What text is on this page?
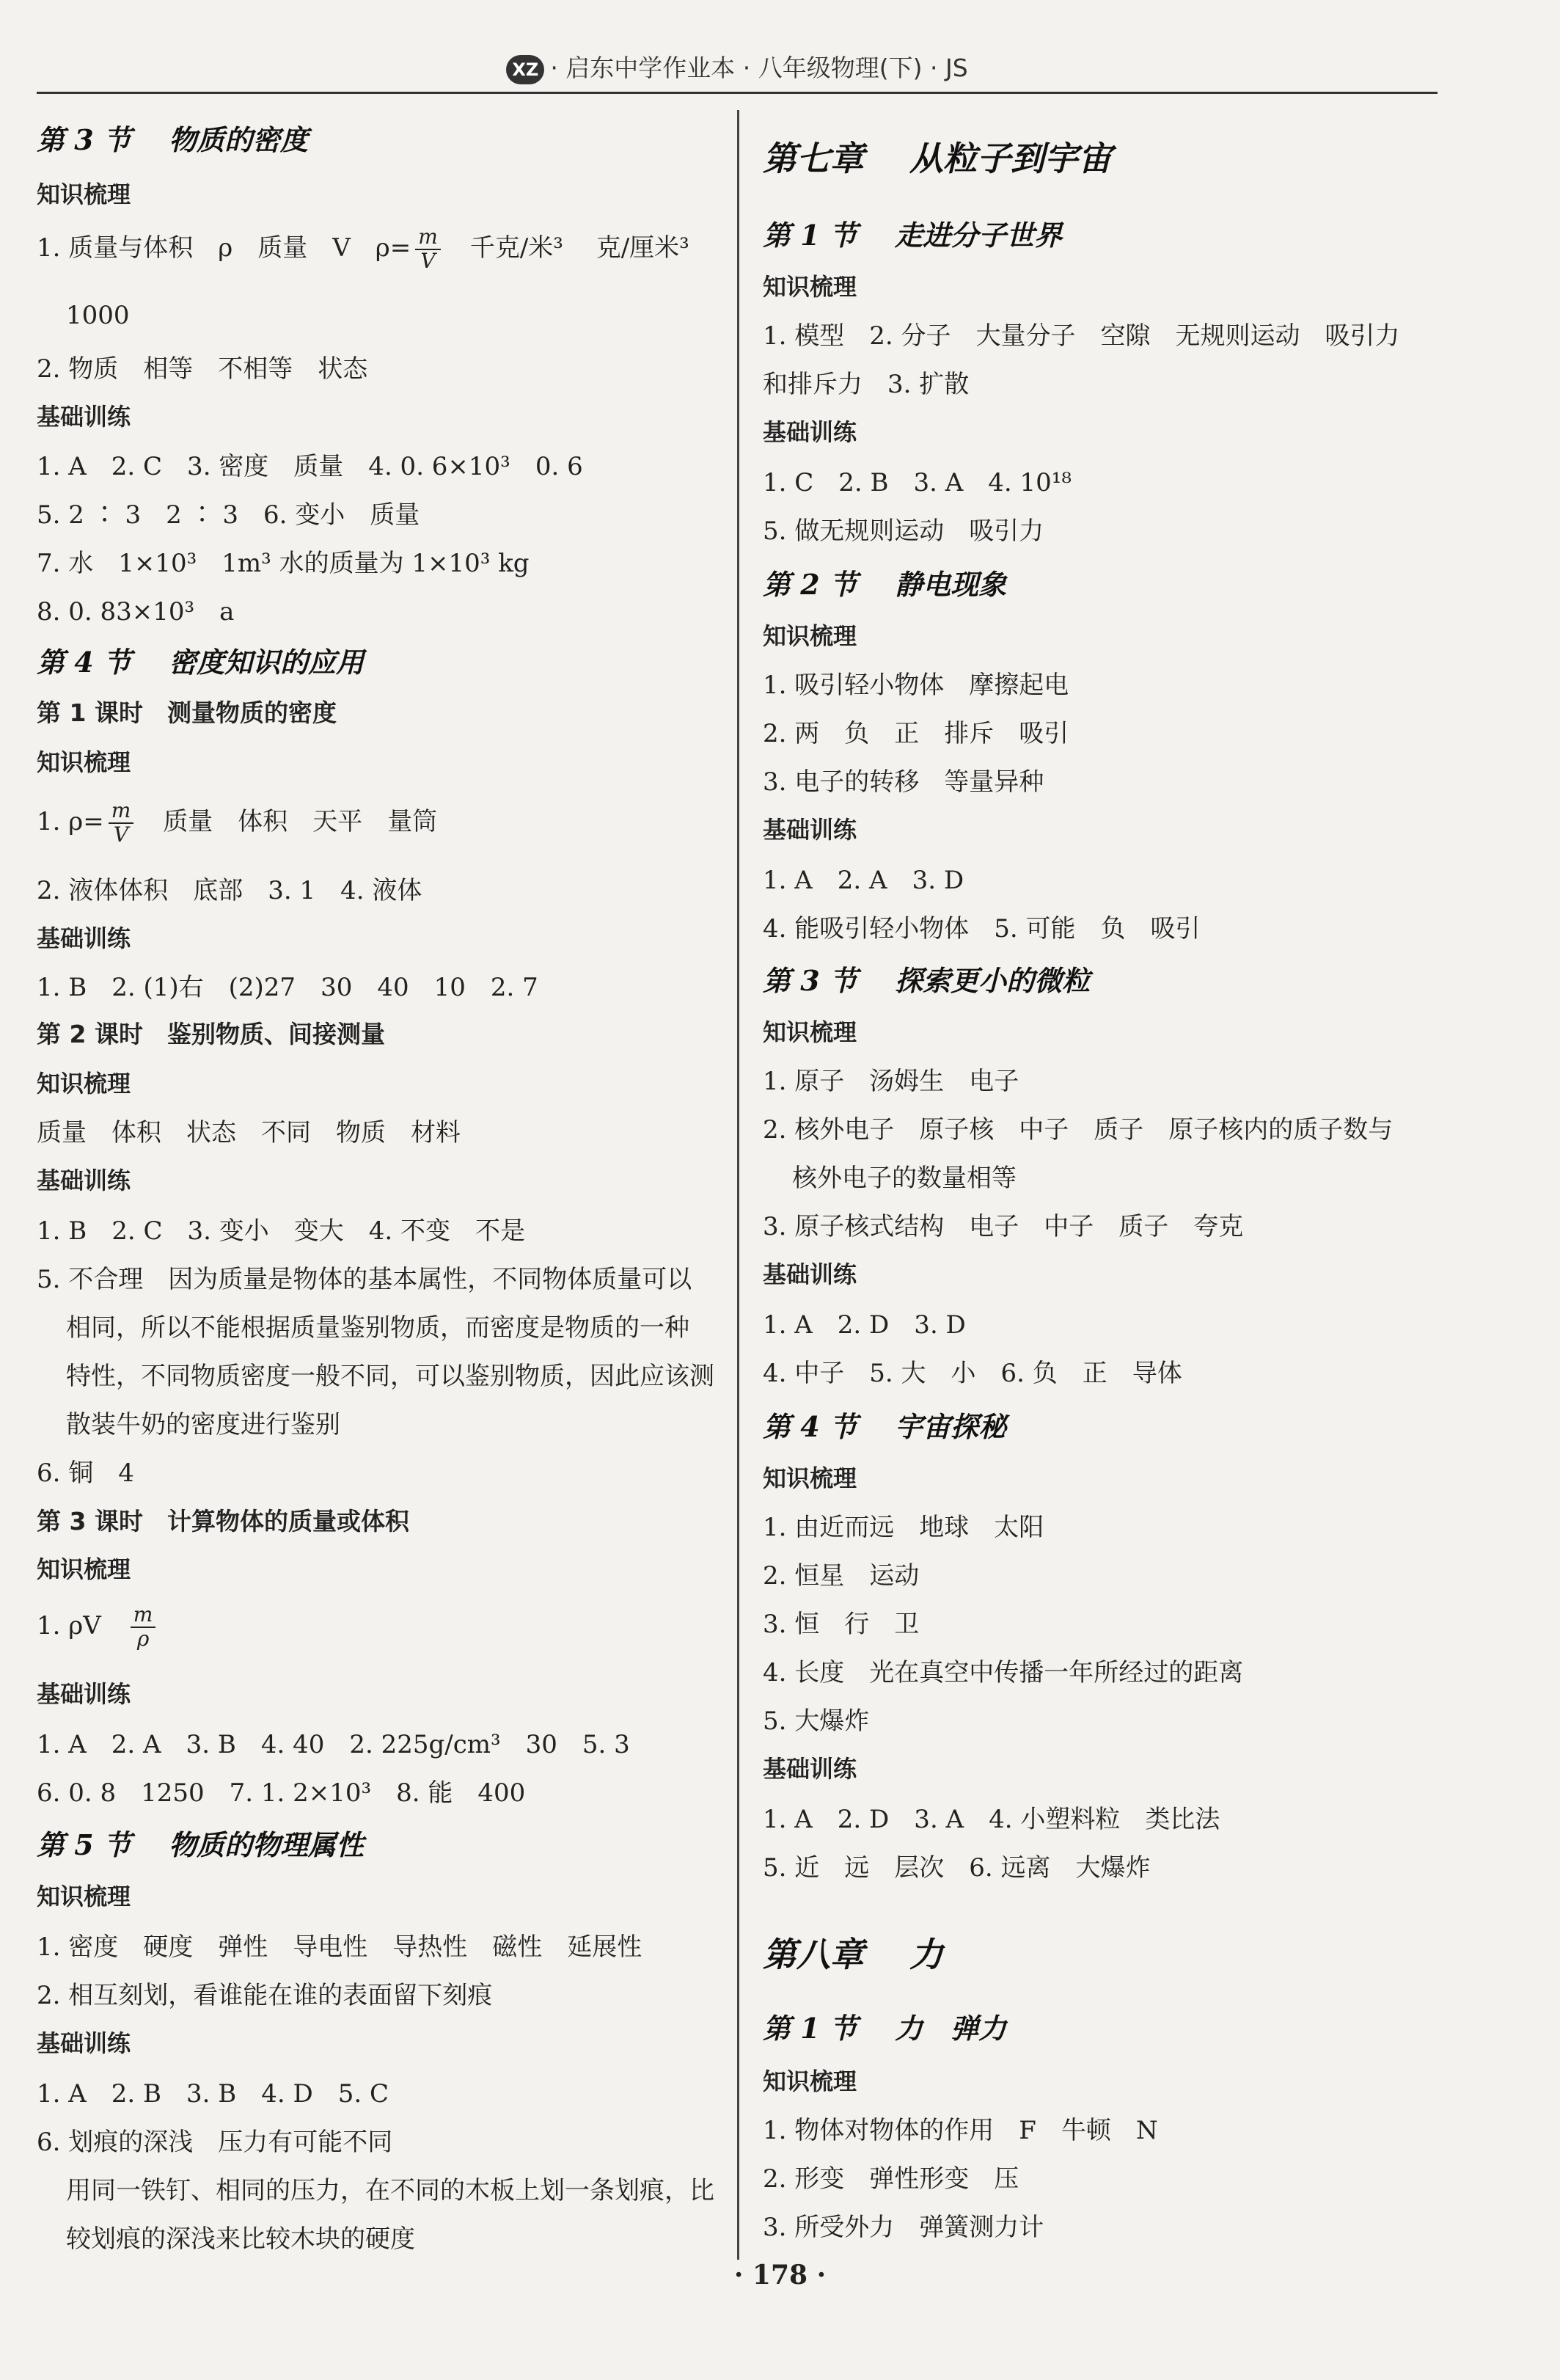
XZ · 启东中学作业本 · 八年级物理(下) · JS
第 3 节　 物质的密度
知识梳理
1. 质量与体积　ρ　质量　V　$\rho= \frac{m}{V}$ 　千克/米³　 克/厘米³
1000
2. 物质　相等　不相等　状态
基础训练
1. A　2. C　3. 密度　质量　4. 0. 6×10³　0. 6
5. 2 ∶ 3　2 ∶ 3　6. 变小　质量
7. 水　1×10³　1m³ 水的质量为 1×10³ kg
8. 0. 83×10³　a
第 4 节　 密度知识的应用
第 1 课时　测量物质的密度
知识梳理
1. $\rho= \frac{m}{V}$ 　质量　体积　天平　量筒
2. 液体体积　底部　3. 1　4. 液体
基础训练
1. B　2. (1)右　(2)27　30　40　10　2. 7
第 2 课时　鉴别物质、间接测量
知识梳理
质量　体积　状态　不同　物质　材料
基础训练
1. B　2. C　3. 变小　变大　4. 不变　不是
5. 不合理　因为质量是物体的基本属性，不同物体质量可以
相同，所以不能根据质量鉴别物质，而密度是物质的一种
特性，不同物质密度一般不同，可以鉴别物质，因此应该测
散装牛奶的密度进行鉴别
6. 铜　4
第 3 课时　计算物体的质量或体积
知识梳理
1. ρV　 $\frac{m}{\rho}$
基础训练
1. A　2. A　3. B　4. 40　2. 225g/cm³　30　5. 3
6. 0. 8　1250　7. 1. 2×10³　8. 能　400
第 5 节　 物质的物理属性
知识梳理
1. 密度　硬度　弹性　导电性　导热性　磁性　延展性
2. 相互刻划，看谁能在谁的表面留下刻痕
基础训练
1. A　2. B　3. B　4. D　5. C
6. 划痕的深浅　压力有可能不同
用同一铁钉、相同的压力，在不同的木板上划一条划痕，比
较划痕的深浅来比较木块的硬度
第七章　 从粒子到宇宙
第 1 节　 走进分子世界
知识梳理
1. 模型　2. 分子　大量分子　空隙　无规则运动　吸引力
和排斥力　3. 扩散
基础训练
1. C　2. B　3. A　4. 10¹⁸
5. 做无规则运动　吸引力
第 2 节　 静电现象
知识梳理
1. 吸引轻小物体　摩擦起电
2. 两　负　正　排斥　吸引
3. 电子的转移　等量异种
基础训练
1. A　2. A　3. D
4. 能吸引轻小物体　5. 可能　负　吸引
第 3 节　 探索更小的微粒
知识梳理
1. 原子　汤姆生　电子
2. 核外电子　原子核　中子　质子　原子核内的质子数与
核外电子的数量相等
3. 原子核式结构　电子　中子　质子　夸克
基础训练
1. A　2. D　3. D
4. 中子　5. 大　小　6. 负　正　导体
第 4 节　 宇宙探秘
知识梳理
1. 由近而远　地球　太阳
2. 恒星　运动
3. 恒　行　卫
4. 长度　光在真空中传播一年所经过的距离
5. 大爆炸
基础训练
1. A　2. D　3. A　4. 小塑料粒　类比法
5. 近　远　层次　6. 远离　大爆炸
第八章　 力
第 1 节　 力　弹力
知识梳理
1. 物体对物体的作用　F　牛顿　N
2. 形变　弹性形变　压
3. 所受外力　弹簧测力计
· 178 ·
